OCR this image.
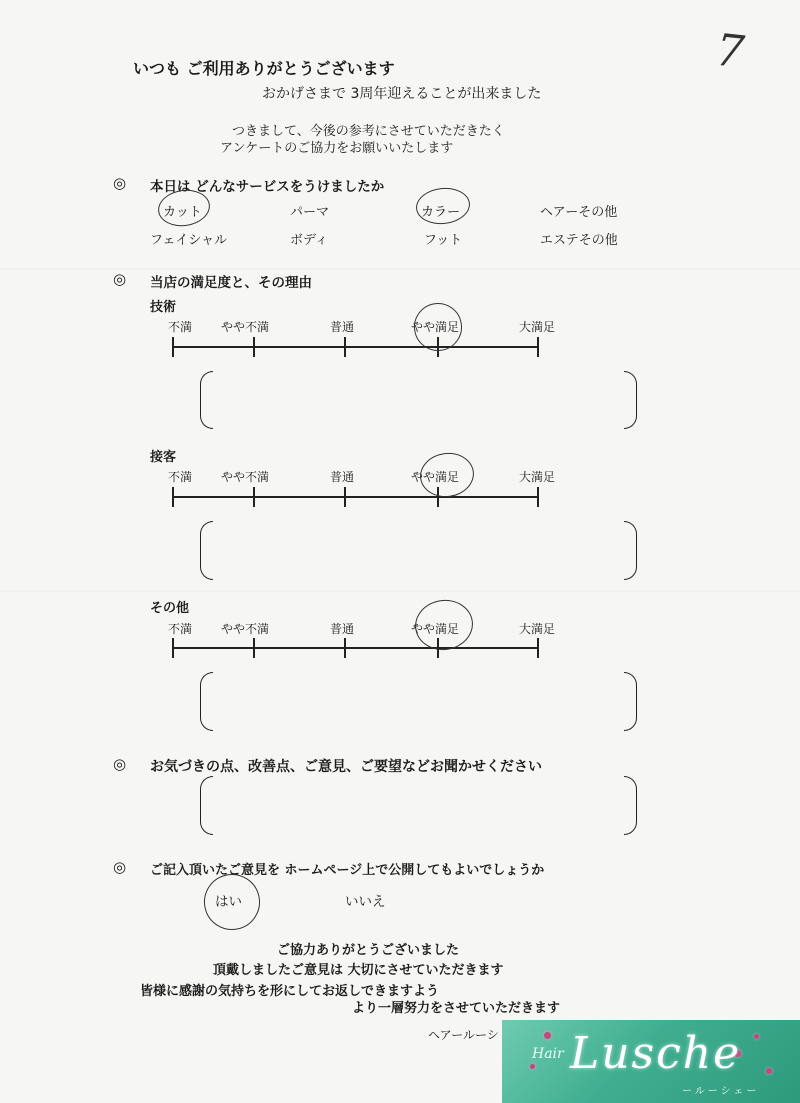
7
いつも ご利用ありがとうございます
おかげさまで 3周年迎えることが出来ました
つきまして、今後の参考にさせていただきたく
アンケートのご協力をお願いいたします
◎ 本日は どんなサービスをうけましたか
カット	パーマ	カラー	ヘアーその他
フェイシャル	ボディ	フット	エステその他
◎ 当店の満足度と、その理由
技術
不満 やや不満	普通	やや満足	大満足
接客
不満 やや不満	普通	やや満足	大満足
その他
不満 やや不満	普通	やや満足	大満足
◎ お気づきの点、改善点、ご意見、ご要望などお聞かせください
◎ ご記入頂いたご意見を ホームページ上で公開してもよいでしょうか
はい	いいえ
ご協力ありがとうございました
頂戴しましたご意見は 大切にさせていただきます
皆様に感謝の気持ちを形にしてお返しできますよう
より一層努力をさせていただきます
ヘアールーシ
Hair Lusche
ールーシェー
